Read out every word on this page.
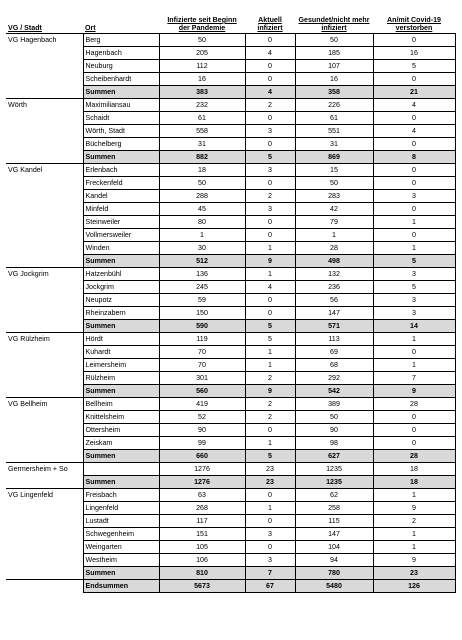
VG / Stadt	Ort	Infizierte seit Beginn der Pandemie	Aktuell infiziert	Gesundet/nicht mehr infiziert	An/mit Covid-19 verstorben
VG Hagenbach	Berg	50	0	50	0
	Hagenbach	205	4	185	16
	Neuburg	112	0	107	5
	Scheibenhardt	16	0	16	0
	Summen	383	4	358	21
Wörth	Maximiliansau	232	2	226	4
	Schaidt	61	0	61	0
	Wörth, Stadt	558	3	551	4
	Büchelberg	31	0	31	0
	Summen	882	5	869	8
VG Kandel	Erlenbach	18	3	15	0
	Freckenfeld	50	0	50	0
	Kandel	288	2	283	3
	Minfeld	45	3	42	0
	Steinweiler	80	0	79	1
	Vollmersweiler	1	0	1	0
	Winden	30	1	28	1
	Summen	512	9	498	5
VG Jockgrim	Hatzenbühl	136	1	132	3
	Jockgrim	245	4	236	5
	Neupotz	59	0	56	3
	Rheinzabern	150	0	147	3
	Summen	590	5	571	14
VG Rülzheim	Hördt	119	5	113	1
	Kuhardt	70	1	69	0
	Leimersheim	70	1	68	1
	Rülzheim	301	2	292	7
	Summen	560	9	542	9
VG Bellheim	Bellheim	419	2	389	28
	Knittelsheim	52	2	50	0
	Ottersheim	90	0	90	0
	Zeiskam	99	1	98	0
	Summen	660	5	627	28
Germersheim + So		1276	23	1235	18
	Summen	1276	23	1235	18
VG Lingenfeld	Freisbach	63	0	62	1
	Lingenfeld	268	1	258	9
	Lustadt	117	0	115	2
	Schwegenheim	151	3	147	1
	Weingarten	105	0	104	1
	Westheim	106	3	94	9
	Summen	810	7	780	23
	Endsummen	5673	67	5480	126
